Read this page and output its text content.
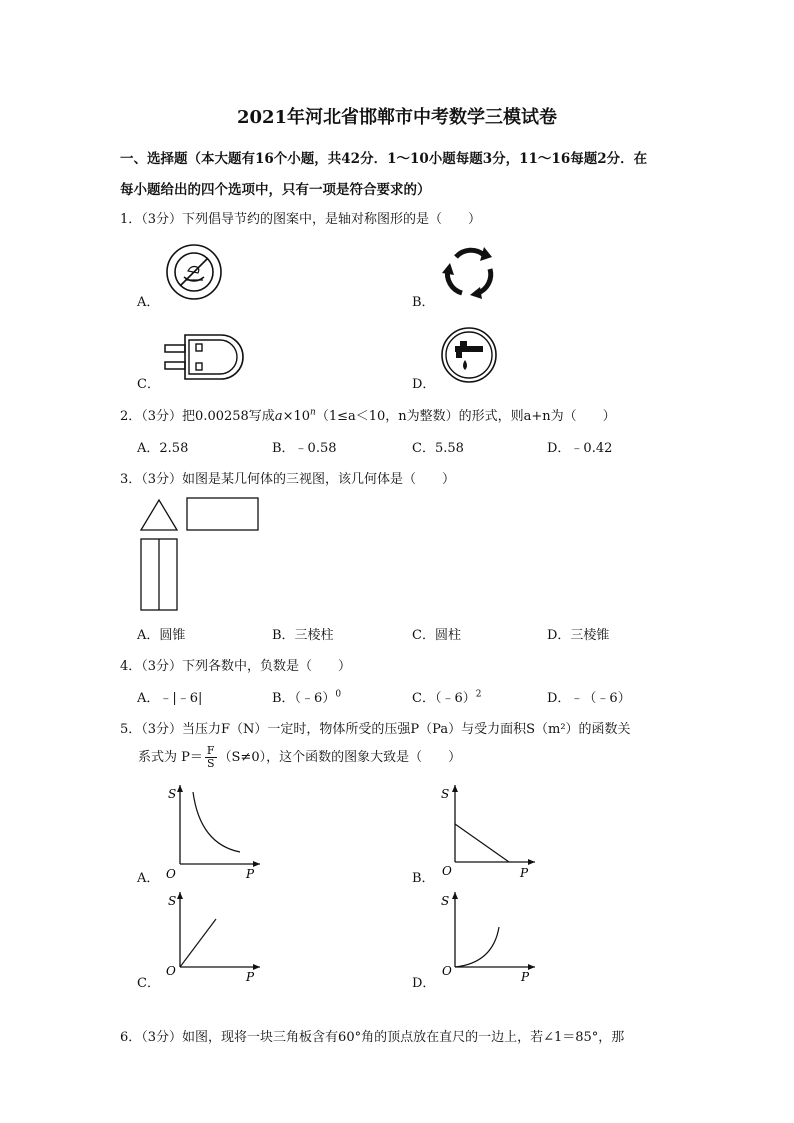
2021年河北省邯郸市中考数学三模试卷
一、选择题（本大题有16个小题，共42分．1～10小题每题3分，11～16每题2分．在
每小题给出的四个选项中，只有一项是符合要求的）
1．（3分）下列倡导节约的图案中，是轴对称图形的是（　　）
A．	B．
C．	D．
2．（3分）把0.00258写成$a\times 10^n(1\le a<10$，n为整数）的形式，则a+n为（　　）
A．2.58	B．﹣0.58	C．5.58	D．﹣0.42
3．（3分）如图是某几何体的三视图，该几何体是（　　）
A．圆锥	B．三棱柱	C．圆柱	D．三棱锥
4．（3分）下列各数中，负数是（　　）
A．﹣|﹣6|	B．（﹣6）$^0$	C．（﹣6）$^2$	D．﹣（﹣6）
5．（3分）当压力F（N）一定时，物体所受的压强P（Pa）与受力面积S（m²）的函数关
系式为 $P= \frac{F}{S} (S\ne 0)$，这个函数的图象大致是（　　）
A．
S
P
O	B．
S
P
O
C．
S
P
O
D．
S
P
O
6．（3分）如图，现将一块三角板含有60°角的顶点放在直尺的一边上，若∠1＝85°，那
